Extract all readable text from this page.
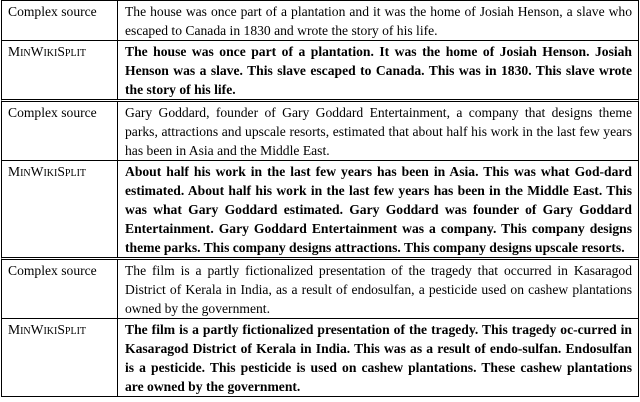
Complex source	The house was once part of a plantation and it was the home of Josiah Henson, a slave who escaped to Canada in 1830 and wrote the story of his life.
MinWikiSplit	The house was once part of a plantation. It was the home of Josiah Henson. Josiah Henson was a slave. This slave escaped to Canada. This was in 1830. This slave wrote the story of his life.
Complex source	Gary Goddard, founder of Gary Goddard Entertainment, a company that designs theme parks, attractions and upscale resorts, estimated that about half his work in the last few years has been in Asia and the Middle East.
MinWikiSplit	About half his work in the last few years has been in Asia. This was what God-dard estimated. About half his work in the last few years has been in the Middle East. This was what Gary Goddard estimated. Gary Goddard was founder of Gary Goddard Entertainment. Gary Goddard Entertainment was a company. This company designs theme parks. This company designs attractions. This company designs upscale resorts.
Complex source	The film is a partly fictionalized presentation of the tragedy that occurred in Kasaragod District of Kerala in India, as a result of endosulfan, a pesticide used on cashew plantations owned by the government.
MinWikiSplit	The film is a partly fictionalized presentation of the tragedy. This tragedy oc-curred in Kasaragod District of Kerala in India. This was as a result of endo-sulfan. Endosulfan is a pesticide. This pesticide is used on cashew plantations. These cashew plantations are owned by the government.
